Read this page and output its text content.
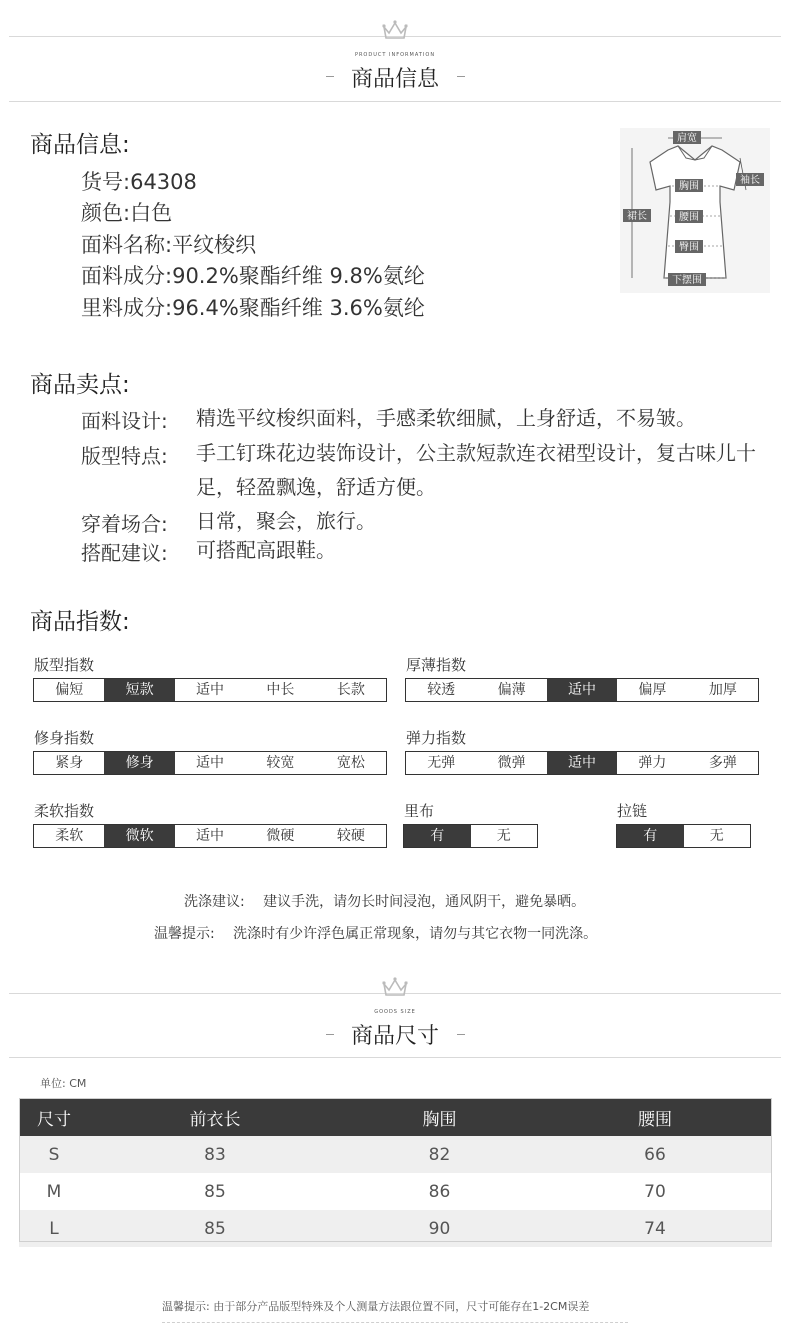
PRODUCT INFORMATION
商品信息
商品信息:
货号:64308
颜色:白色
面料名称:平纹梭织
面料成分:90.2%聚酯纤维 9.8%氨纶
里料成分:96.4%聚酯纤维 3.6%氨纶
肩宽
袖长
胸围
裙长	腰围
臀围
下摆围
商品卖点:
面料设计: 精选平纹梭织面料，手感柔软细腻，上身舒适，不易皱。
版型特点: 手工钉珠花边装饰设计，公主款短款连衣裙型设计，复古味儿十足，轻盈飘逸，舒适方便。
穿着场合: 日常，聚会，旅行。
搭配建议: 可搭配高跟鞋。
商品指数:
版型指数
偏短	短款	适中	中长	长款
厚薄指数
较透	偏薄	适中	偏厚	加厚
修身指数
紧身	修身	适中	较宽	宽松
弹力指数
无弹	微弹	适中	弹力	多弹
柔软指数
柔软	微软	适中	微硬	较硬
里布
有	无
拉链
有	无
洗涤建议: 建议手洗，请勿长时间浸泡，通风阴干，避免暴晒。
温馨提示: 洗涤时有少许浮色属正常现象，请勿与其它衣物一同洗涤。
GOODS SIZE
商品尺寸
单位: CM
尺寸	前衣长	胸围	腰围
S	83	82	66
M	85	86	70
L	85	90	74
温馨提示: 由于部分产品版型特殊及个人测量方法跟位置不同，尺寸可能存在1-2CM误差
